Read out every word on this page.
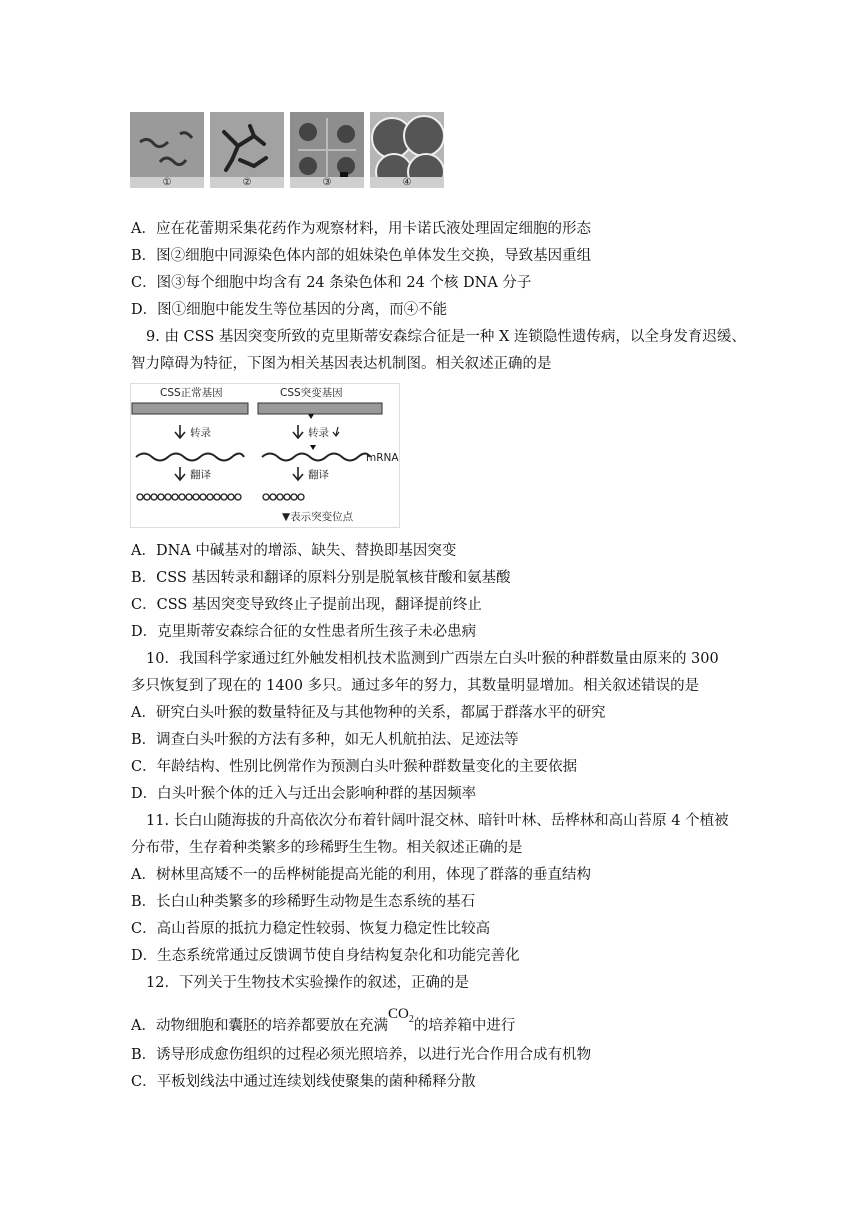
①	②	③	④
A．应在花蕾期采集花药作为观察材料，用卡诺氏液处理固定细胞的形态
B．图②细胞中同源染色体内部的姐妹染色单体发生交换，导致基因重组
C．图③每个细胞中均含有 24 条染色体和 24 个核 DNA 分子
D．图①细胞中能发生等位基因的分离，而④不能
9. 由 CSS 基因突变所致的克里斯蒂安森综合征是一种 X 连锁隐性遗传病，以全身发育迟缓、
智力障碍为特征，下图为相关基因表达机制图。相关叙述正确的是
CSS正常基因
转录
翻译
CSS突变基因
转录
mRNA
翻译
▼表示突变位点
A．DNA 中碱基对的增添、缺失、替换即基因突变
B．CSS 基因转录和翻译的原料分别是脱氧核苷酸和氨基酸
C．CSS 基因突变导致终止子提前出现，翻译提前终止
D．克里斯蒂安森综合征的女性患者所生孩子未必患病
10．我国科学家通过红外触发相机技术监测到广西崇左白头叶猴的种群数量由原来的 300
多只恢复到了现在的 1400 多只。通过多年的努力，其数量明显增加。相关叙述错误的是
A．研究白头叶猴的数量特征及与其他物种的关系，都属于群落水平的研究
B．调查白头叶猴的方法有多种，如无人机航拍法、足迹法等
C．年龄结构、性别比例常作为预测白头叶猴种群数量变化的主要依据
D．白头叶猴个体的迁入与迁出会影响种群的基因频率
11. 长白山随海拔的升高依次分布着针阔叶混交林、暗针叶林、岳桦林和高山苔原 4 个植被
分布带，生存着种类繁多的珍稀野生生物。相关叙述正确的是
A．树林里高矮不一的岳桦树能提高光能的利用，体现了群落的垂直结构
B．长白山种类繁多的珍稀野生动物是生态系统的基石
C．高山苔原的抵抗力稳定性较弱、恢复力稳定性比较高
D．生态系统常通过反馈调节使自身结构复杂化和功能完善化
12．下列关于生物技术实验操作的叙述，正确的是
A．动物细胞和囊胚的培养都要放在充满$CO_2$的培养箱中进行
B．诱导形成愈伤组织的过程必须光照培养，以进行光合作用合成有机物
C．平板划线法中通过连续划线使聚集的菌种稀释分散
